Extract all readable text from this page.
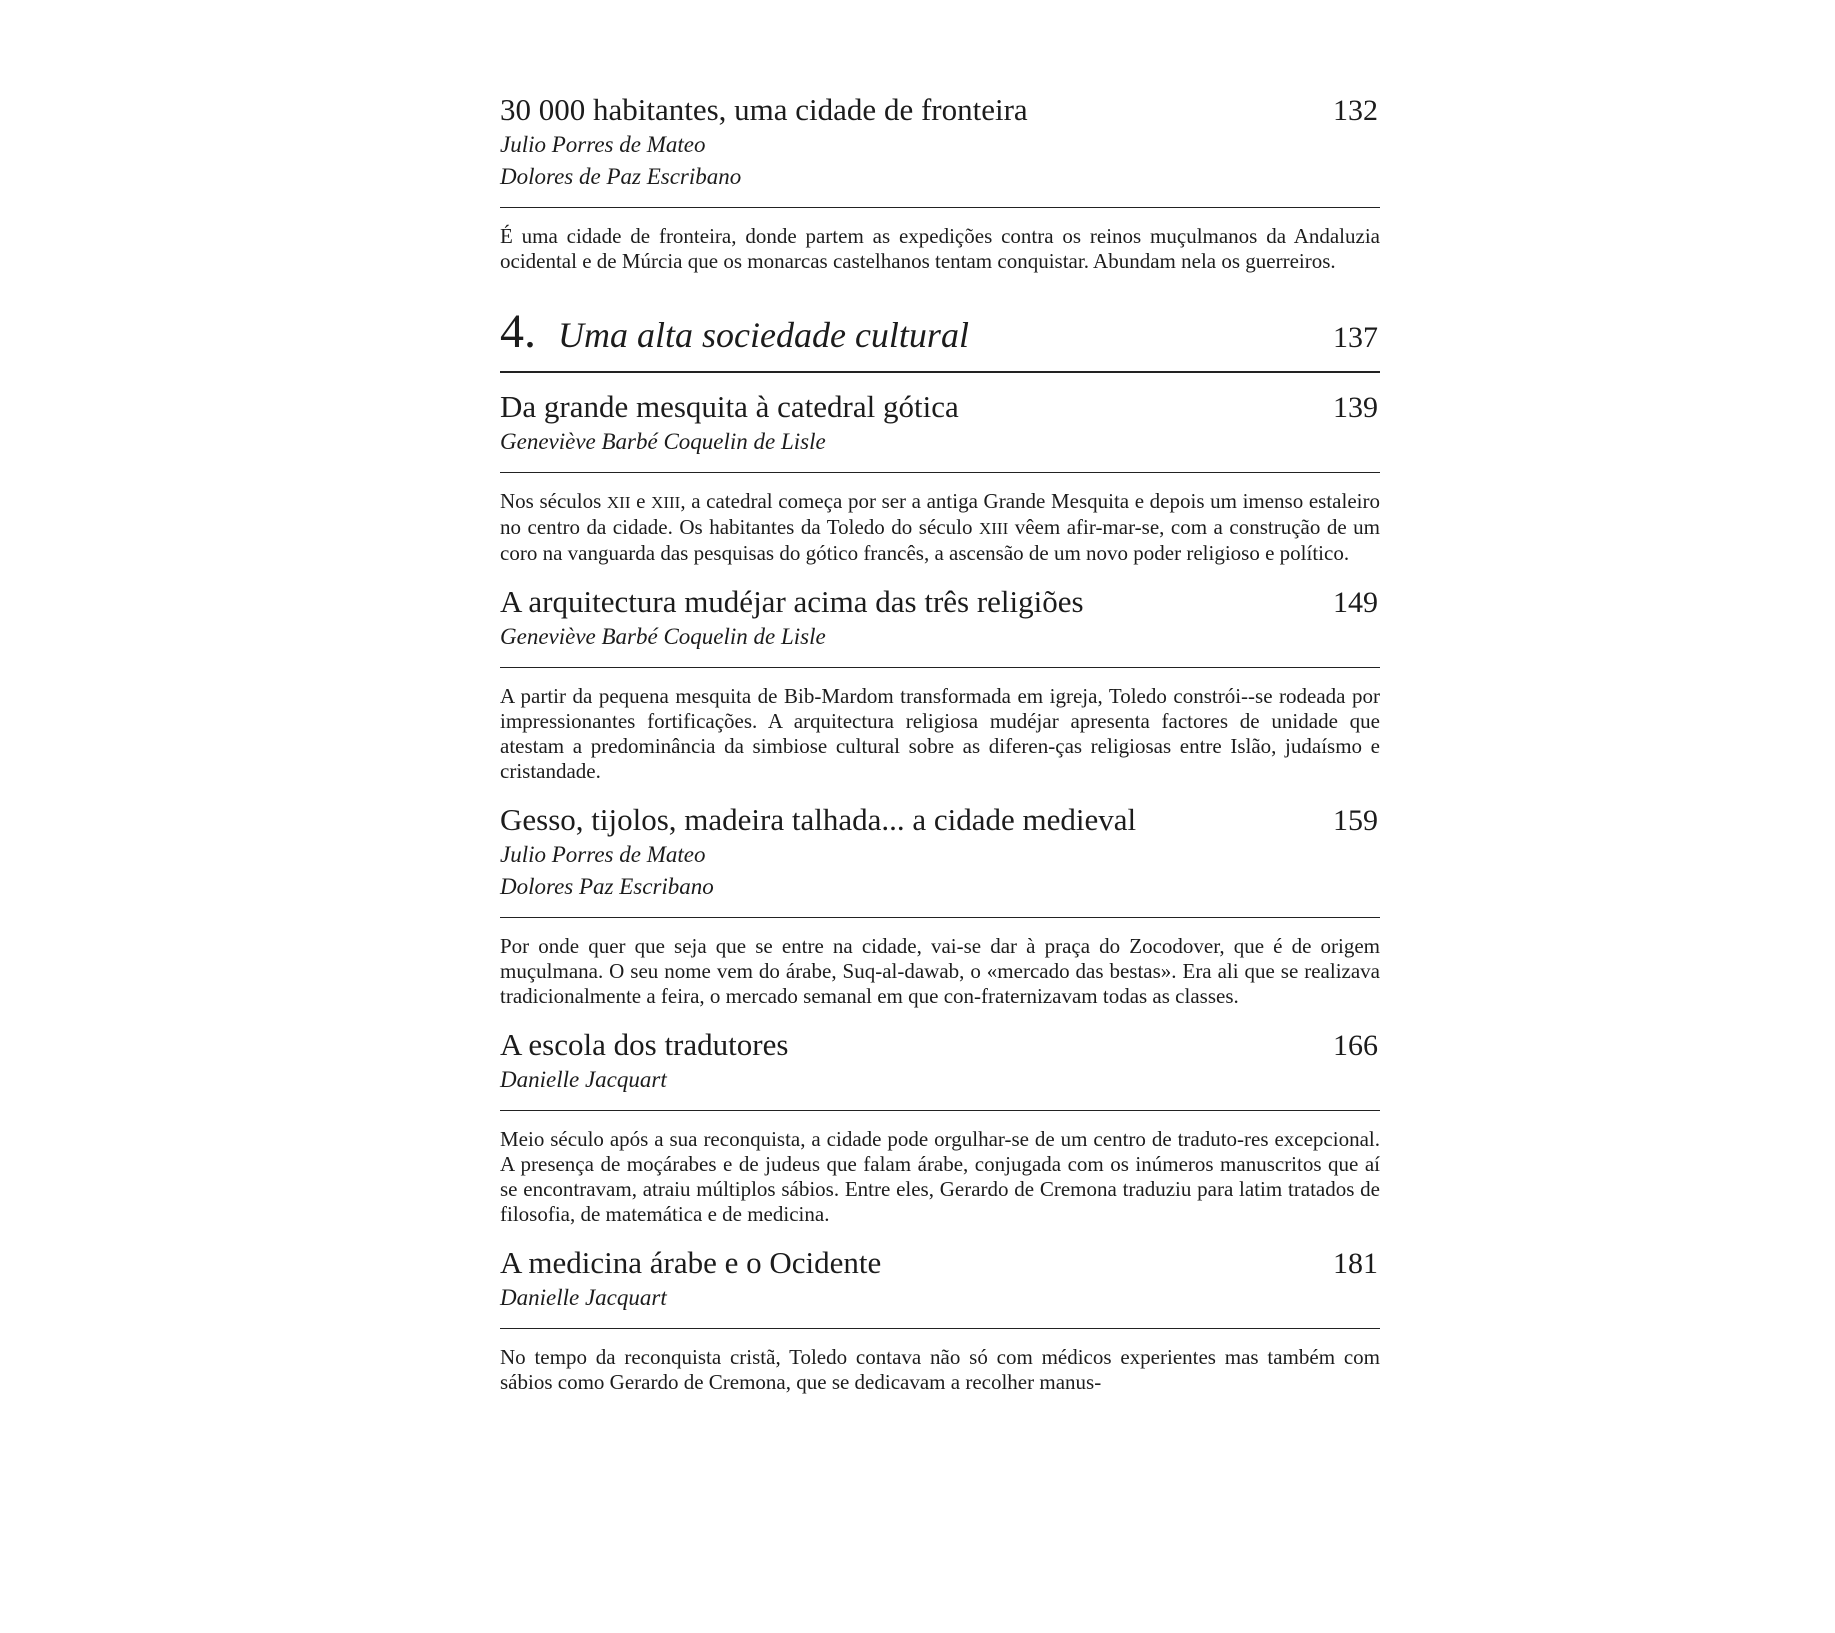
30 000 habitantes, uma cidade de fronteira	132
Julio Porres de Mateo
Dolores de Paz Escribano
É uma cidade de fronteira, donde partem as expedições contra os reinos muçulmanos da Andaluzia ocidental e de Múrcia que os monarcas castelhanos tentam conquistar. Abundam nela os guerreiros.
4. Uma alta sociedade cultural	137
Da grande mesquita à catedral gótica	139
Geneviève Barbé Coquelin de Lisle
Nos séculos XII e XIII, a catedral começa por ser a antiga Grande Mesquita e depois um imenso estaleiro no centro da cidade. Os habitantes da Toledo do século XIII vêem afir-mar-se, com a construção de um coro na vanguarda das pesquisas do gótico francês, a ascensão de um novo poder religioso e político.
A arquitectura mudéjar acima das três religiões	149
Geneviève Barbé Coquelin de Lisle
A partir da pequena mesquita de Bib-Mardom transformada em igreja, Toledo constrói--se rodeada por impressionantes fortificações. A arquitectura religiosa mudéjar apresenta factores de unidade que atestam a predominância da simbiose cultural sobre as diferen-ças religiosas entre Islão, judaísmo e cristandade.
Gesso, tijolos, madeira talhada... a cidade medieval	159
Julio Porres de Mateo
Dolores Paz Escribano
Por onde quer que seja que se entre na cidade, vai-se dar à praça do Zocodover, que é de origem muçulmana. O seu nome vem do árabe, Suq-al-dawab, o «mercado das bestas». Era ali que se realizava tradicionalmente a feira, o mercado semanal em que con-fraternizavam todas as classes.
A escola dos tradutores	166
Danielle Jacquart
Meio século após a sua reconquista, a cidade pode orgulhar-se de um centro de traduto-res excepcional. A presença de moçárabes e de judeus que falam árabe, conjugada com os inúmeros manuscritos que aí se encontravam, atraiu múltiplos sábios. Entre eles, Gerardo de Cremona traduziu para latim tratados de filosofia, de matemática e de medicina.
A medicina árabe e o Ocidente	181
Danielle Jacquart
No tempo da reconquista cristã, Toledo contava não só com médicos experientes mas também com sábios como Gerardo de Cremona, que se dedicavam a recolher manus-
